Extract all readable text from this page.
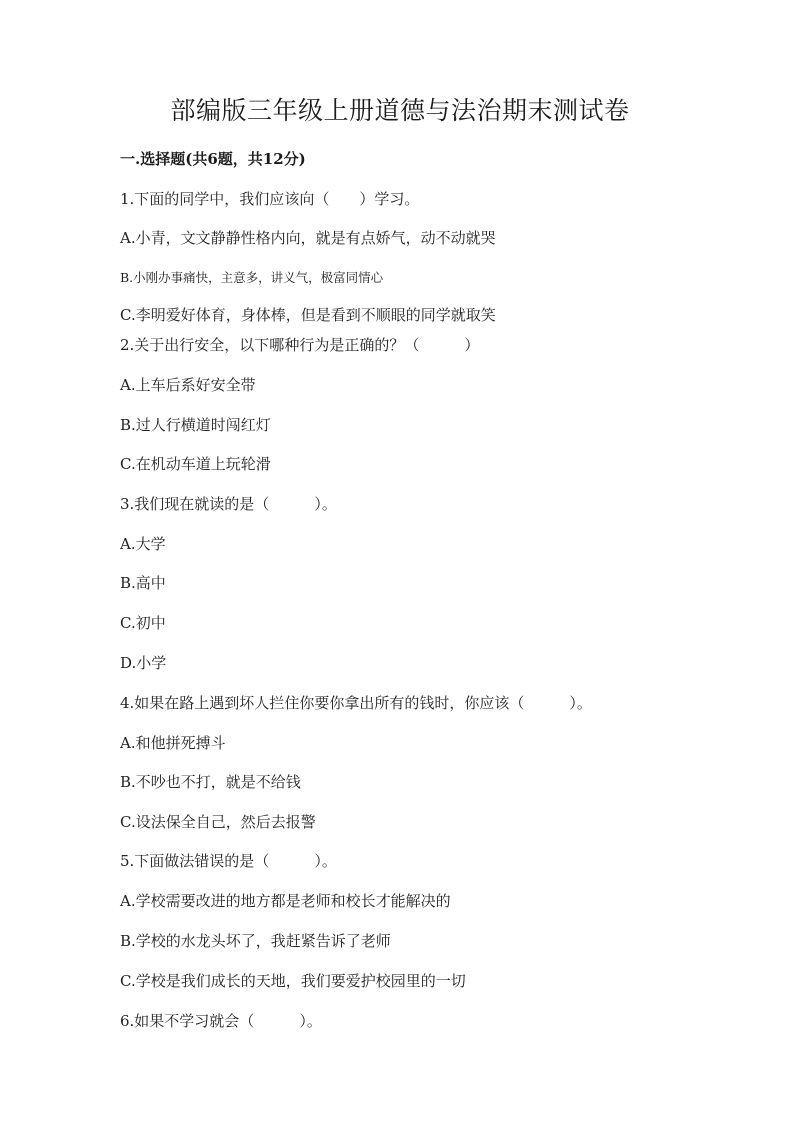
部编版三年级上册道德与法治期末测试卷
一.选择题(共6题，共12分)
1.下面的同学中，我们应该向（　　）学习。
A.小青，文文静静性格内向，就是有点娇气，动不动就哭
B.小刚办事痛快，主意多，讲义气，极富同情心
C.李明爱好体育，身体棒，但是看到不顺眼的同学就取笑
2.关于出行安全，以下哪种行为是正确的？（　　　）
A.上车后系好安全带
B.过人行横道时闯红灯
C.在机动车道上玩轮滑
3.我们现在就读的是（　　　）。
A.大学
B.高中
C.初中
D.小学
4.如果在路上遇到坏人拦住你要你拿出所有的钱时，你应该（　　　）。
A.和他拼死搏斗
B.不吵也不打，就是不给钱
C.设法保全自己，然后去报警
5.下面做法错误的是（　　　）。
A.学校需要改进的地方都是老师和校长才能解决的
B.学校的水龙头坏了，我赶紧告诉了老师
C.学校是我们成长的天地，我们要爱护校园里的一切
6.如果不学习就会（　　　）。
